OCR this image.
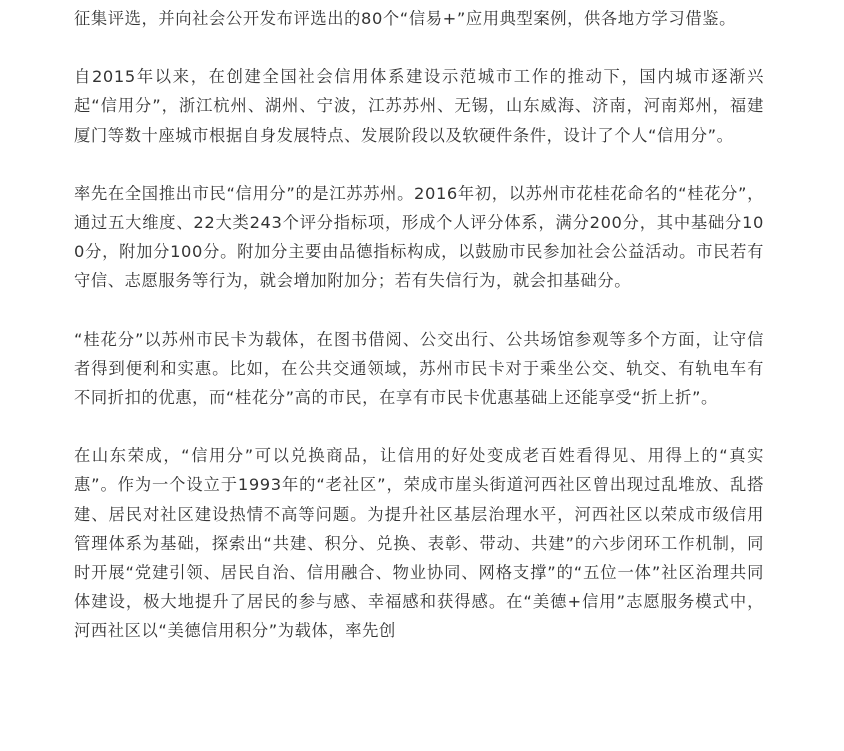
征集评选，并向社会公开发布评选出的80个“信易+”应用典型案例，供各地方学习借鉴。

自2015年以来，在创建全国社会信用体系建设示范城市工作的推动下，国内城市逐渐兴起“信用分”，浙江杭州、湖州、宁波，江苏苏州、无锡，山东威海、济南，河南郑州，福建厦门等数十座城市根据自身发展特点、发展阶段以及软硬件条件，设计了个人“信用分”。

率先在全国推出市民“信用分”的是江苏苏州。2016年初，以苏州市花桂花命名的“桂花分”，通过五大维度、22大类243个评分指标项，形成个人评分体系，满分200分，其中基础分100分，附加分100分。附加分主要由品德指标构成，以鼓励市民参加社会公益活动。市民若有守信、志愿服务等行为，就会增加附加分；若有失信行为，就会扣基础分。

“桂花分”以苏州市民卡为载体，在图书借阅、公交出行、公共场馆参观等多个方面，让守信者得到便利和实惠。比如，在公共交通领域，苏州市民卡对于乘坐公交、轨交、有轨电车有不同折扣的优惠，而“桂花分”高的市民，在享有市民卡优惠基础上还能享受“折上折”。

在山东荣成，“信用分”可以兑换商品，让信用的好处变成老百姓看得见、用得上的“真实惠”。作为一个设立于1993年的“老社区”，荣成市崖头街道河西社区曾出现过乱堆放、乱搭建、居民对社区建设热情不高等问题。为提升社区基层治理水平，河西社区以荣成市级信用管理体系为基础，探索出“共建、积分、兑换、表彰、带动、共建”的六步闭环工作机制，同时开展“党建引领、居民自治、信用融合、物业协同、网格支撑”的“五位一体”社区治理共同体建设，极大地提升了居民的参与感、幸福感和获得感。在“美德+信用”志愿服务模式中，河西社区以“美德信用积分”为载体，率先创
